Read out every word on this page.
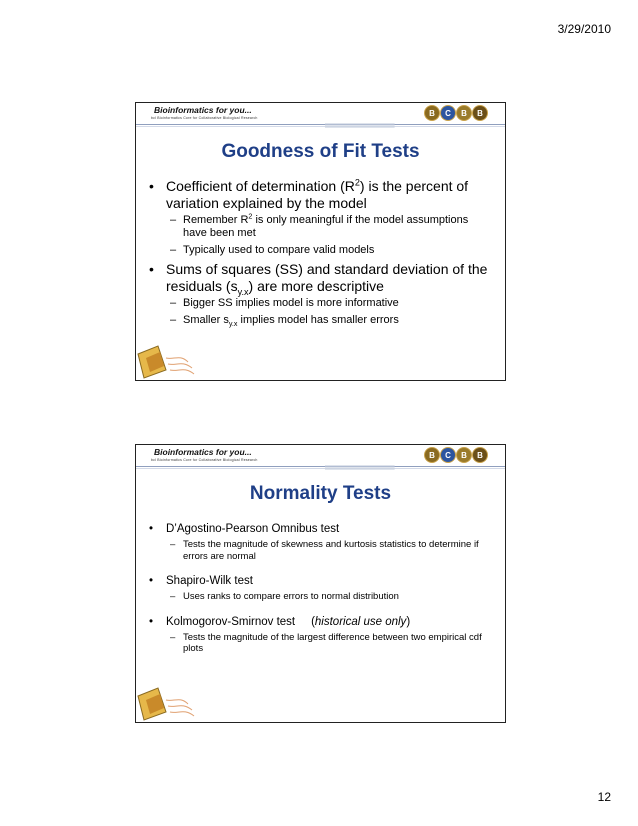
3/29/2010
Bioinformatics for you...
bcl Bioinformatics Core for Collaborative Biological Research
B	C	B	B
Goodness of Fit Tests
• Coefficient of determination $(R^2)$ is the percent of variation explained by the model
– Remember $R^2$ is only meaningful if the model assumptions have been met
– Typically used to compare valid models
• Sums of squares (SS) and standard deviation of the residuals $(s_{y.x})$ are more descriptive
– Bigger SS implies model is more informative
– Smaller $s_{y.x}$ implies model has smaller errors
Bioinformatics for you...
bcl Bioinformatics Core for Collaborative Biological Research
B	C	B	B
Normality Tests
• D’Agostino-Pearson Omnibus test
– Tests the magnitude of skewness and kurtosis statistics to determine if errors are normal
• Shapiro-Wilk test
– Uses ranks to compare errors to normal distribution
• Kolmogorov-Smirnov test     (historical use only)
– Tests the magnitude of the largest difference between two empirical cdf plots
12
